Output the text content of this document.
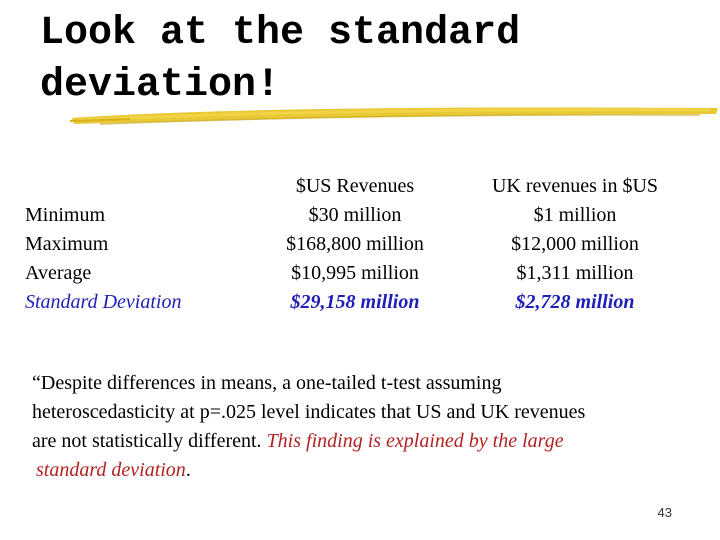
Look at the standard
deviation!
Minimum
Maximum
Average
Standard Deviation
$US Revenues
$30 million
$168,800 million
$10,995 million
$29,158 million
UK revenues in $US
$1 million
$12,000 million
$1,311 million
$2,728 million

“Despite differences in means, a one-tailed t-test assuming
heteroscedasticity at p=.025 level indicates that US and UK revenues
are not statistically different. This finding is explained by the large
standard deviation.

43
